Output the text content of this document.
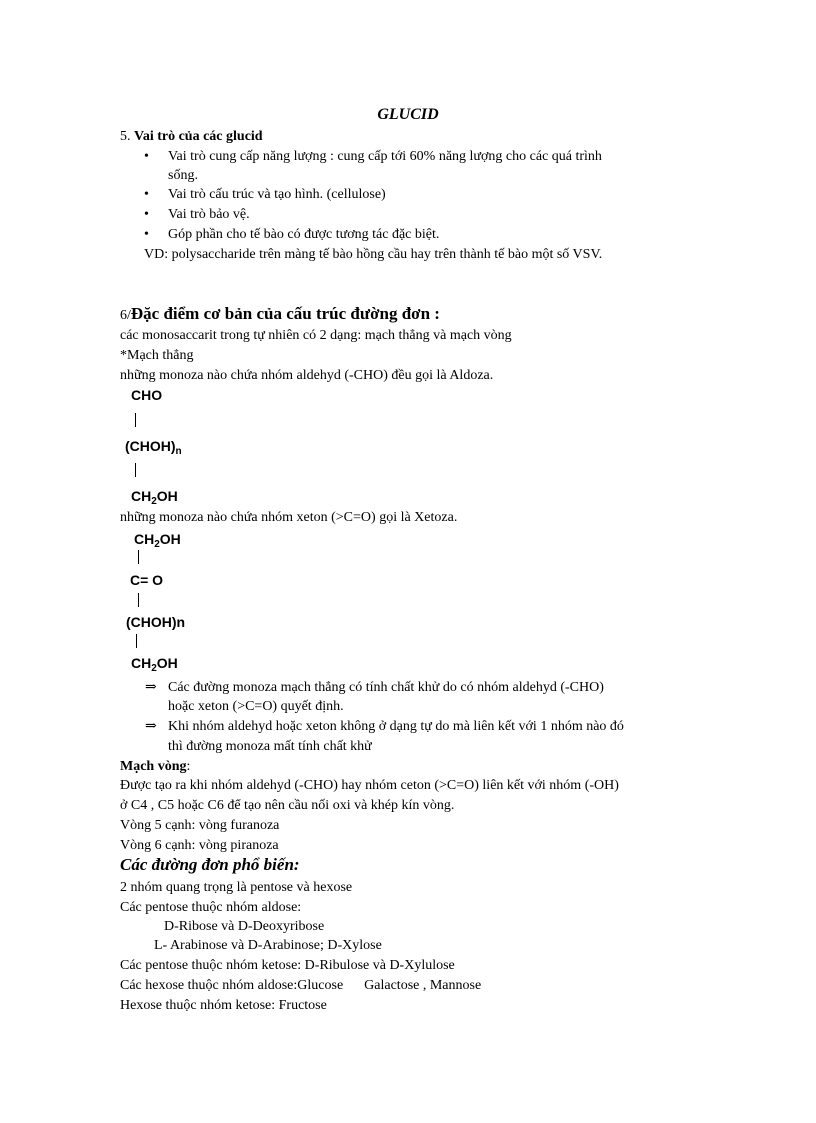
GLUCID
5. Vai trò của các glucid
• Vai trò cung cấp năng lượng : cung cấp tới 60% năng lượng cho các quá trình
sống.
• Vai trò cấu trúc và tạo hình. (cellulose)
• Vai trò bảo vệ.
• Góp phần cho tế bào có được tương tác đặc biệt.
VD: polysaccharide trên màng tế bào hồng cầu hay trên thành tế bào một số VSV.
6/Đặc điểm cơ bản của cấu trúc đường đơn :
các monosaccarit trong tự nhiên có 2 dạng: mạch thẳng và mạch vòng
*Mạch thẳng
những monoza nào chứa nhóm aldehyd (-CHO) đều gọi là Aldoza.
CHO
$(CHOH)_n$
$CH_2OH$
những monoza nào chứa nhóm xeton (>C=O) gọi là Xetoza.
$CH_2OH$
C= O
(CHOH)n
$CH_2OH$
⇒ Các đường monoza mạch thẳng có tính chất khử do có nhóm aldehyd (-CHO)
hoặc xeton (>C=O) quyết định.
⇒ Khi nhóm aldehyd hoặc xeton không ở dạng tự do mà liên kết với 1 nhóm nào đó
thì đường monoza mất tính chất khử
Mạch vòng:
Được tạo ra khi nhóm aldehyd (-CHO) hay nhóm ceton (>C=O) liên kết với nhóm (-OH)
ở C4 , C5 hoặc C6 để tạo nên cầu nối oxi và khép kín vòng.
Vòng 5 cạnh: vòng furanoza
Vòng 6 cạnh: vòng piranoza
Các đường đơn phổ biến:
2 nhóm quang trọng là pentose và hexose
Các pentose thuộc nhóm aldose:
D-Ribose và D-Deoxyribose
L- Arabinose và D-Arabinose; D-Xylose
Các pentose thuộc nhóm ketose: D-Ribulose và D-Xylulose
Các hexose thuộc nhóm aldose:Glucose      Galactose , Mannose
Hexose thuộc nhóm ketose: Fructose
